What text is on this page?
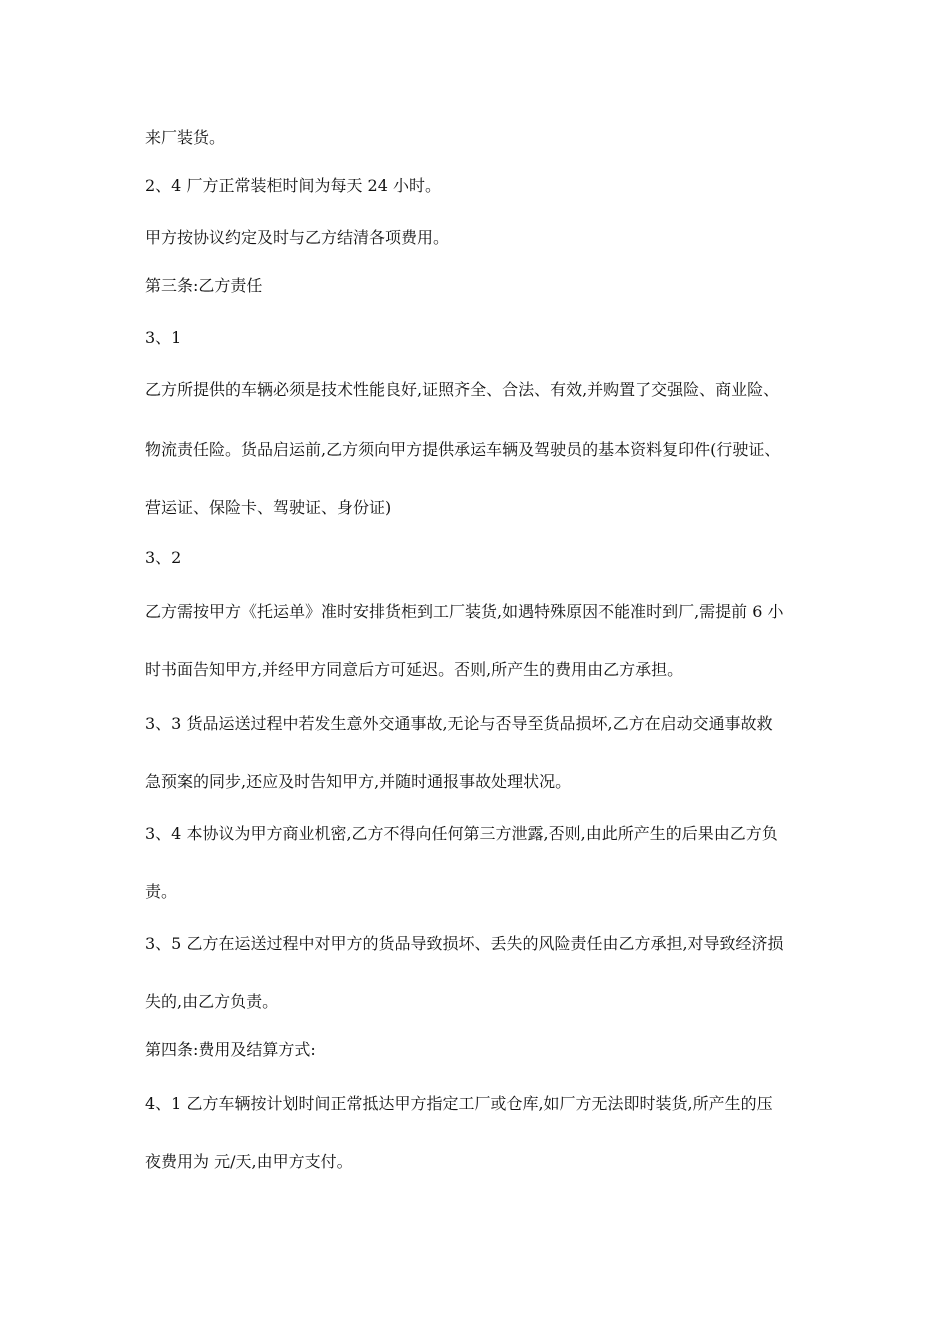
来厂装货。

2、4 厂方正常装柜时间为每天 24 小时。

甲方按协议约定及时与乙方结清各项费用。

第三条:乙方责任

3、1

乙方所提供的车辆必须是技术性能良好,证照齐全、合法、有效,并购置了交强险、商业险、

物流责任险。货品启运前,乙方须向甲方提供承运车辆及驾驶员的基本资料复印件(行驶证、

营运证、保险卡、驾驶证、身份证)

3、2

乙方需按甲方《托运单》准时安排货柜到工厂装货,如遇特殊原因不能准时到厂,需提前 6 小

时书面告知甲方,并经甲方同意后方可延迟。否则,所产生的费用由乙方承担。

3、3 货品运送过程中若发生意外交通事故,无论与否导至货品损坏,乙方在启动交通事故救

急预案的同步,还应及时告知甲方,并随时通报事故处理状况。

3、4 本协议为甲方商业机密,乙方不得向任何第三方泄露,否则,由此所产生的后果由乙方负

责。

3、5 乙方在运送过程中对甲方的货品导致损坏、丢失的风险责任由乙方承担,对导致经济损

失的,由乙方负责。

第四条:费用及结算方式:

4、1 乙方车辆按计划时间正常抵达甲方指定工厂或仓库,如厂方无法即时装货,所产生的压

夜费用为 元/天,由甲方支付。
